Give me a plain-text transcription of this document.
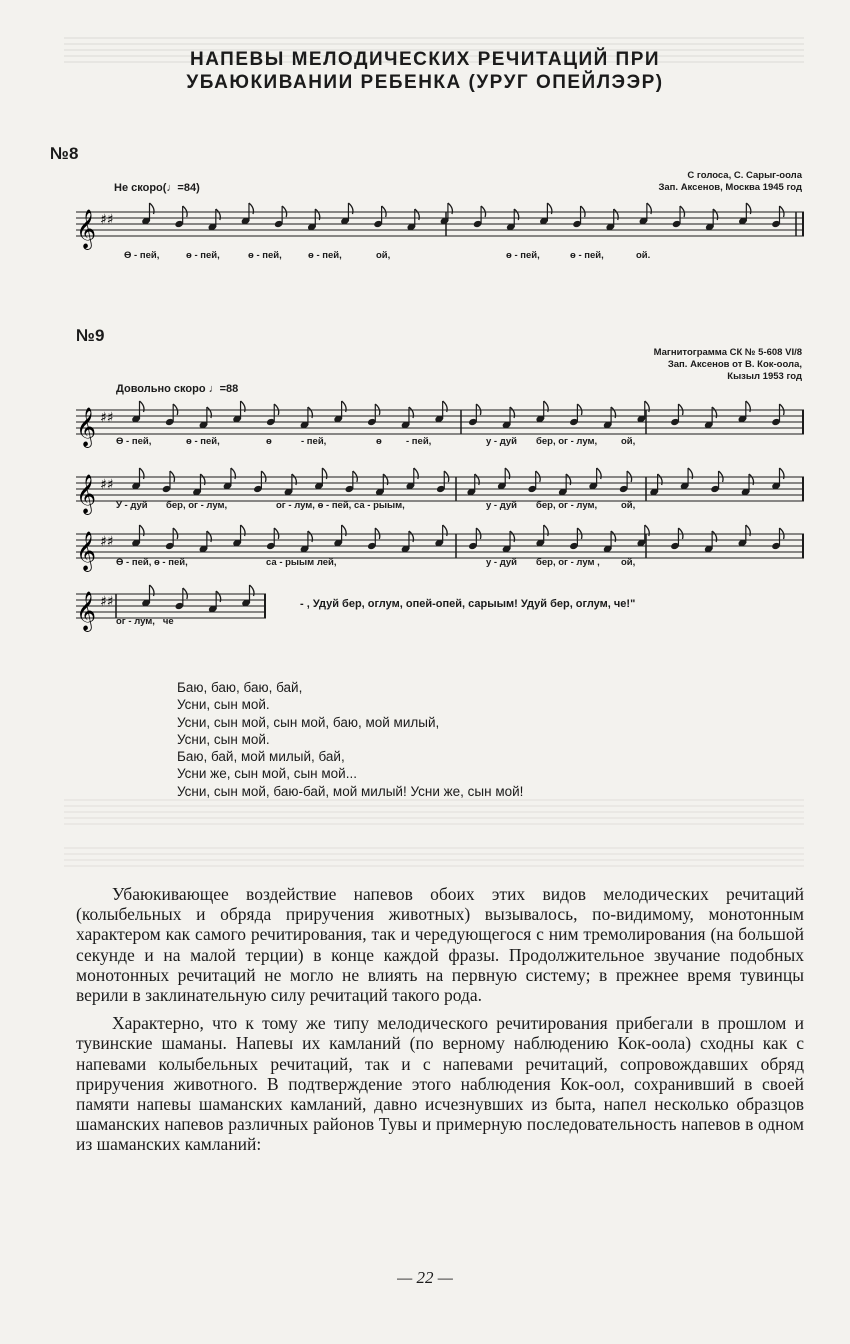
НАПЕВЫ МЕЛОДИЧЕСКИХ РЕЧИТАЦИЙ ПРИ
УБАЮКИВАНИИ РЕБЕНКА (УРУГ ОПЕЙЛЭЭР)
№8
Не скоро(♩=84)
С голоса, С. Сарыг-оола
Зап. Аксенов, Москва 1945 год
𝄞 ♯♯
Ө - пей,	ө - пей,	ө - пей,	ө - пей,	ой,	ө - пей,	ө - пей,	ой.
№9
Магнитограмма СК № 5-608 VI/8
Зап. Аксенов от В. Кок-оола,
Кызыл 1953 год
Довольно скоро ♩=88
𝄞 ♯♯
𝄞 ♯♯
𝄞 ♯♯
𝄞 ♯♯
Ө - пей,	ө - пей,	ө	- пей,	ө	- пей,	у - дуй бер, ог - лум,	ой,
У - дуй бер, ог - лум,	ог - лум, ө - пей, са - рыым,	у - дуй бер, ог - лум,	ой,
Ө - пей, ө - пей,	са - рыым лей,	у - дуй бер, ог - лум , ой,
ог - лум,   че
- , Удуй бер, оглум, опей-опей, сарыым! Удуй бер, оглум, че!"
Баю, баю, баю, бай,
Усни, сын мой.
Усни, сын мой, сын мой, баю, мой милый,
Усни, сын мой.
Баю, бай, мой милый, бай,
Усни же, сын мой, сын мой...
Усни, сын мой, баю-бай, мой милый! Усни же, сын мой!

Убаюкивающее воздействие напевов обоих этих видов мелодических речитаций (колыбельных и обряда приручения животных) вызывалось, по-видимому, монотонным характером как самого речитирования, так и чередующегося с ним тремолирования (на большой секунде и на малой терции) в конце каждой фразы. Продолжительное звучание подобных монотонных речитаций не могло не влиять на первную систему; в прежнее время тувинцы верили в заклинательную силу речитаций такого рода.

Характерно, что к тому же типу мелодического речитирования прибегали в прошлом и тувинские шаманы. Напевы их камланий (по верному наблюдению Кок-оола) сходны как с напевами колыбельных речитаций, так и с напевами речитаций, сопровождавших обряд приручения животного. В подтверждение этого наблюдения Кок-оол, сохранивший в своей памяти напевы шаманских камланий, давно исчезнувших из быта, напел несколько образцов шаманских напевов различных районов Тувы и примерную последовательность напевов в одном из шаманских камланий:

— 22 —
